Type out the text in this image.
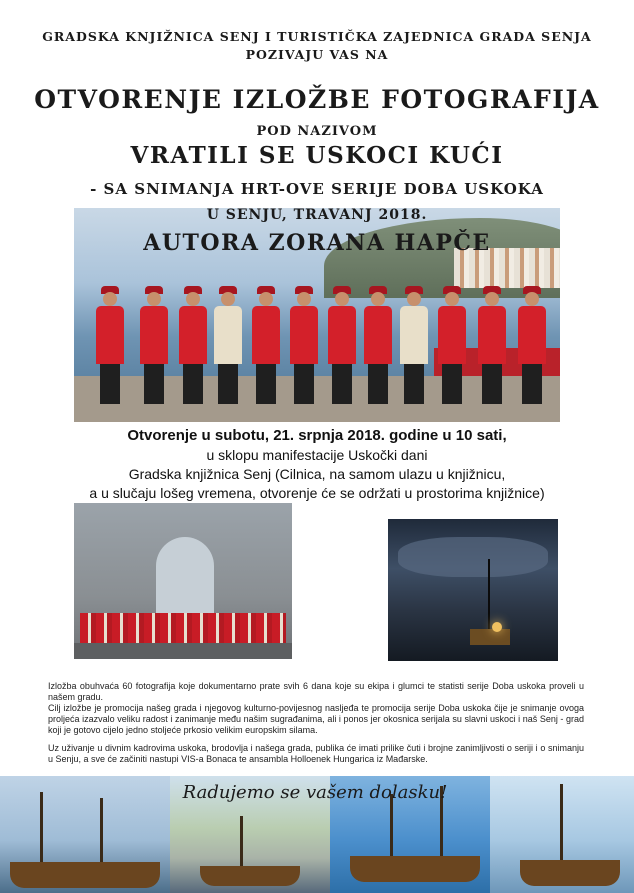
GRADSKA KNJIŽNICA SENJ I TURISTIČKA ZAJEDNICA GRADA SENJA
POZIVAJU VAS NA
OTVORENJE IZLOŽBE FOTOGRAFIJA
POD NAZIVOM
VRATILI SE USKOCI KUĆI
- SA SNIMANJA HRT-OVE SERIJE DOBA USKOKA
U SENJU, TRAVANJ 2018.
AUTORA ZORANA HAPČE
Otvorenje u subotu, 21. srpnja 2018. godine u 10 sati,
u sklopu manifestacije Uskočki dani
Gradska knjižnica Senj (Cilnica, na samom ulazu u knjižnicu,
a u slučaju lošeg vremena, otvorenje će se održati u prostorima knjižnice)
Izložba obuhvaća 60 fotografija koje dokumentarno prate svih 6 dana koje su ekipa i glumci te statisti serije Doba uskoka proveli u našem gradu.
Cilj izložbe je promocija našeg grada i njegovog kulturno-povijesnog nasljeđa te promocija serije Doba uskoka čije je snimanje ovoga proljeća izazvalo veliku radost i zanimanje među našim sugrađanima, ali i ponos jer okosnica serijala su slavni uskoci i naš Senj - grad koji je gotovo cijelo jedno stoljeće prkosio velikim europskim silama.
Uz uživanje u divnim kadrovima uskoka, brodovlja i našega grada, publika će imati prilike čuti i brojne zanimljivosti o seriji i o snimanju u Senju, a sve će začiniti nastupi VIS-a Bonaca te ansambla Holloenek Hungarica iz Mađarske.
Radujemo se vašem dolasku!
